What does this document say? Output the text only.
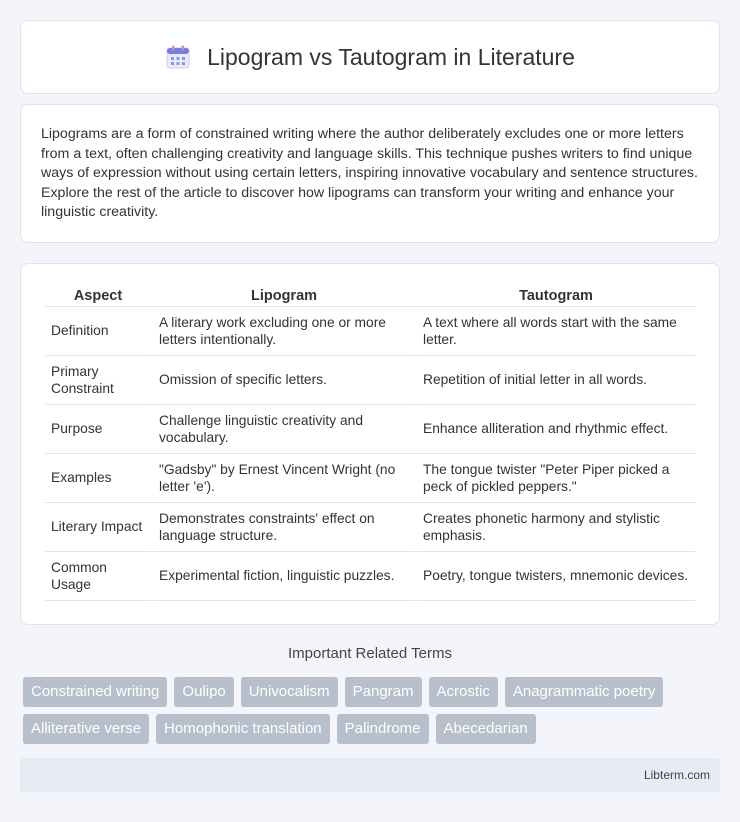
Lipogram vs Tautogram in Literature

Lipograms are a form of constrained writing where the author deliberately excludes one or more letters from a text, often challenging creativity and language skills. This technique pushes writers to find unique ways of expression without using certain letters, inspiring innovative vocabulary and sentence structures. Explore the rest of the article to discover how lipograms can transform your writing and enhance your linguistic creativity.

Aspect	Lipogram	Tautogram
Definition	A literary work excluding one or more letters intentionally.	A text where all words start with the same letter.
Primary Constraint	Omission of specific letters.	Repetition of initial letter in all words.
Purpose	Challenge linguistic creativity and vocabulary.	Enhance alliteration and rhythmic effect.
Examples	"Gadsby" by Ernest Vincent Wright (no letter 'e').	The tongue twister "Peter Piper picked a peck of pickled peppers."
Literary Impact	Demonstrates constraints' effect on language structure.	Creates phonetic harmony and stylistic emphasis.
Common Usage	Experimental fiction, linguistic puzzles.	Poetry, tongue twisters, mnemonic devices.
Important Related Terms
Constrained writing	Oulipo	Univocalism	Pangram	Acrostic	Anagrammatic poetry
Alliterative verse	Homophonic translation	Palindrome	Abecedarian
Libterm.com
